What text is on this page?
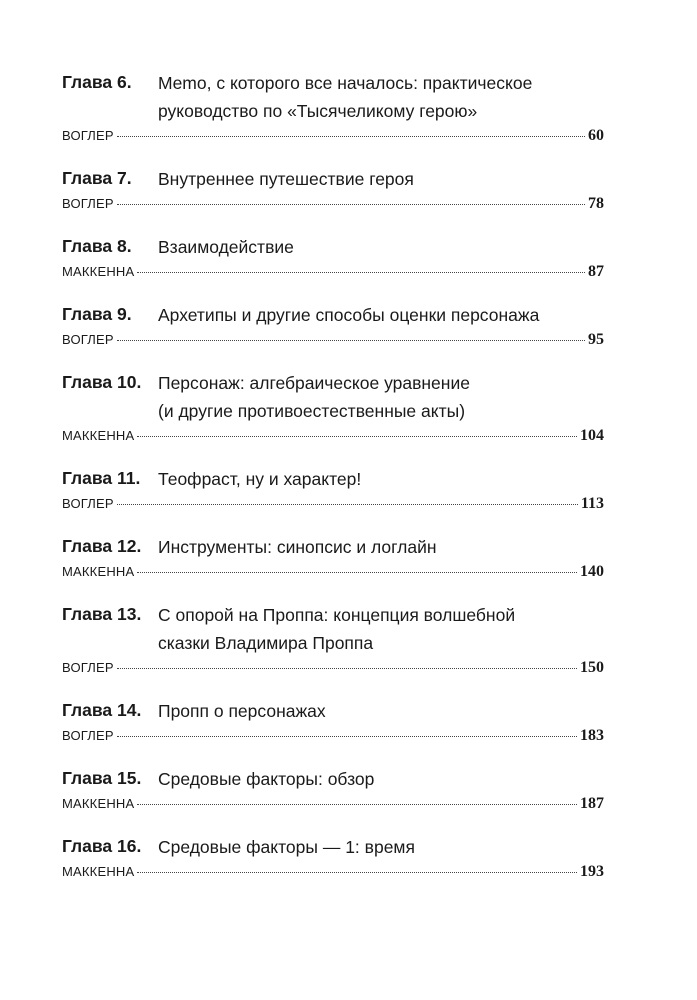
Глава 6.	Memo, с которого все началось: практическое
руководство по «Тысячеликому герою»
ВОГЛЕР	60
Глава 7.	Внутреннее путешествие героя
ВОГЛЕР	78
Глава 8.	Взаимодействие
МАККЕННА	87
Глава 9.	Архетипы и другие способы оценки персонажа
ВОГЛЕР	95
Глава 10. Персонаж: алгебраическое уравнение
(и другие противоестественные акты)
МАККЕННА	104
Глава 11.	Теофраст, ну и характер!
ВОГЛЕР	113
Глава 12. Инструменты: синопсис и логлайн
МАККЕННА	140
Глава 13. С опорой на Проппа: концепция волшебной
сказки Владимира Проппа
ВОГЛЕР	150
Глава 14. Пропп о персонажах
ВОГЛЕР	183
Глава 15. Средовые факторы: обзор
МАККЕННА	187
Глава 16. Средовые факторы — 1: время
МАККЕННА	193
